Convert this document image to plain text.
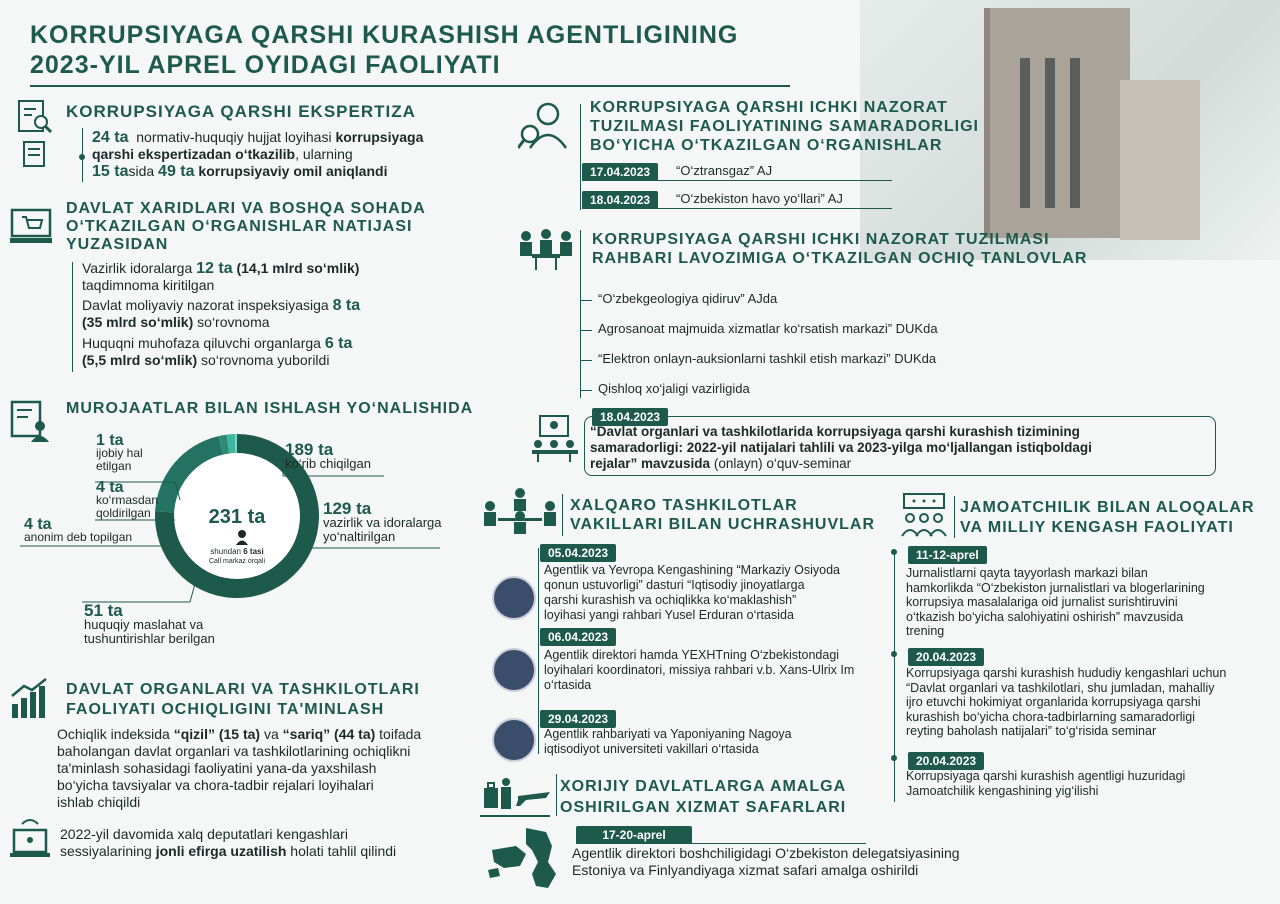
KORRUPSIYAGA QARSHI KURASHISH AGENTLIGINING
2023-YIL APREL OYIDAGI FAOLIYATI
KORRUPSIYAGA QARSHI EKSPERTIZA
24 ta normativ-huquqiy hujjat loyihasi korrupsiyaga
qarshi ekspertizadan o‘tkazilib, ularning
15 tasida 49 ta korrupsiyaviy omil aniqlandi
DAVLAT XARIDLARI VA BOSHQA SOHADA
O‘TKAZILGAN O‘RGANISHLAR NATIJASI
YUZASIDAN
Vazirlik idoralarga 12 ta (14,1 mlrd so‘mlik)
taqdimnoma kiritilgan
Davlat moliyaviy nazorat inspeksiyasiga 8 ta
(35 mlrd so‘mlik) so‘rovnoma
Huquqni muhofaza qiluvchi organlarga 6 ta
(5,5 mlrd so‘mlik) so‘rovnoma yuborildi
MUROJAATLAR BILAN ISHLASH YO‘NALISHIDA
231 ta
shundan 6 tasi
Call markaz orqali
1 ta
ijobiy hal
etilgan
4 ta
ko‘rmasdan
qoldirilgan
4 ta
anonim deb topilgan
189 ta
ko‘rib chiqilgan
129 ta
vazirlik va idoralarga
yo‘naltirilgan
51 ta
huquqiy maslahat va
tushuntirishlar berilgan
DAVLAT ORGANLARI VA TASHKILOTLARI
FAOLIYATI OCHIQLIGINI TA'MINLASH
Ochiqlik indeksida “qizil” (15 ta) va “sariq” (44 ta) toifada
baholangan davlat organlari va tashkilotlarining ochiqlikni
ta'minlash sohasidagi faoliyatini yana-da yaxshilash
bo‘yicha tavsiyalar va chora-tadbir rejalari loyihalari
ishlab chiqildi
2022-yil davomida xalq deputatlari kengashlari
sessiyalarining jonli efirga uzatilish holati tahlil qilindi
KORRUPSIYAGA QARSHI ICHKI NAZORAT
TUZILMASI FAOLIYATINING SAMARADORLIGI
BO‘YICHA O‘TKAZILGAN O‘RGANISHLAR
17.04.2023	“O‘ztransgaz” AJ
18.04.2023	“O‘zbekiston havo yo‘llari” AJ
KORRUPSIYAGA QARSHI ICHKI NAZORAT TUZILMASI
RAHBARI LAVOZIMIGA O‘TKAZILGAN OCHIQ TANLOVLAR
“O‘zbekgeologiya qidiruv” AJda
Agrosanoat majmuida xizmatlar ko‘rsatish markazi” DUKda
“Elektron onlayn-auksionlarni tashkil etish markazi” DUKda
Qishloq xo‘jaligi vazirligida
18.04.2023
“Davlat organlari va tashkilotlarida korrupsiyaga qarshi kurashish tizimining
samaradorligi: 2022-yil natijalari tahlili va 2023-yilga mo‘ljallangan istiqboldagi
rejalar” mavzusida (onlayn) o‘quv-seminar
XALQARO TASHKILOTLAR
VAKILLARI BILAN UCHRASHUVLAR
05.04.2023
Agentlik va Yevropa Kengashining “Markaziy Osiyoda
qonun ustuvorligi” dasturi “Iqtisodiy jinoyatlarga
qarshi kurashish va ochiqlikka ko‘maklashish”
loyihasi yangi rahbari Yusel Erduran o‘rtasida
06.04.2023
Agentlik direktori hamda YEXHTning O‘zbekistondagi
loyihalari koordinatori, missiya rahbari v.b. Xans-Ulrix Im
o‘rtasida
29.04.2023
Agentlik rahbariyati va Yaponiyaning Nagoya
iqtisodiyot universiteti vakillari o‘rtasida
JAMOATCHILIK BILAN ALOQALAR
VA MILLIY KENGASH FAOLIYATI
11-12-aprel
Jurnalistlarni qayta tayyorlash markazi bilan
hamkorlikda “O‘zbekiston jurnalistlari va blogerlarining
korrupsiya masalalariga oid jurnalist surishtiruvini
o‘tkazish bo‘yicha salohiyatini oshirish” mavzusida
trening
20.04.2023
Korrupsiyaga qarshi kurashish hududiy kengashlari uchun
“Davlat organlari va tashkilotlari, shu jumladan, mahalliy
ijro etuvchi hokimiyat organlarida korrupsiyaga qarshi
kurashish bo‘yicha chora-tadbirlarning samaradorligi
reyting baholash natijalari” to‘g‘risida seminar
20.04.2023
Korrupsiyaga qarshi kurashish agentligi huzuridagi
Jamoatchilik kengashining yig‘ilishi
XORIJIY DAVLATLARGA AMALGA
OSHIRILGAN XIZMAT SAFARLARI
17-20-aprel
Agentlik direktori boshchiligidagi O‘zbekiston delegatsiyasining
Estoniya va Finlyandiyaga xizmat safari amalga oshirildi
